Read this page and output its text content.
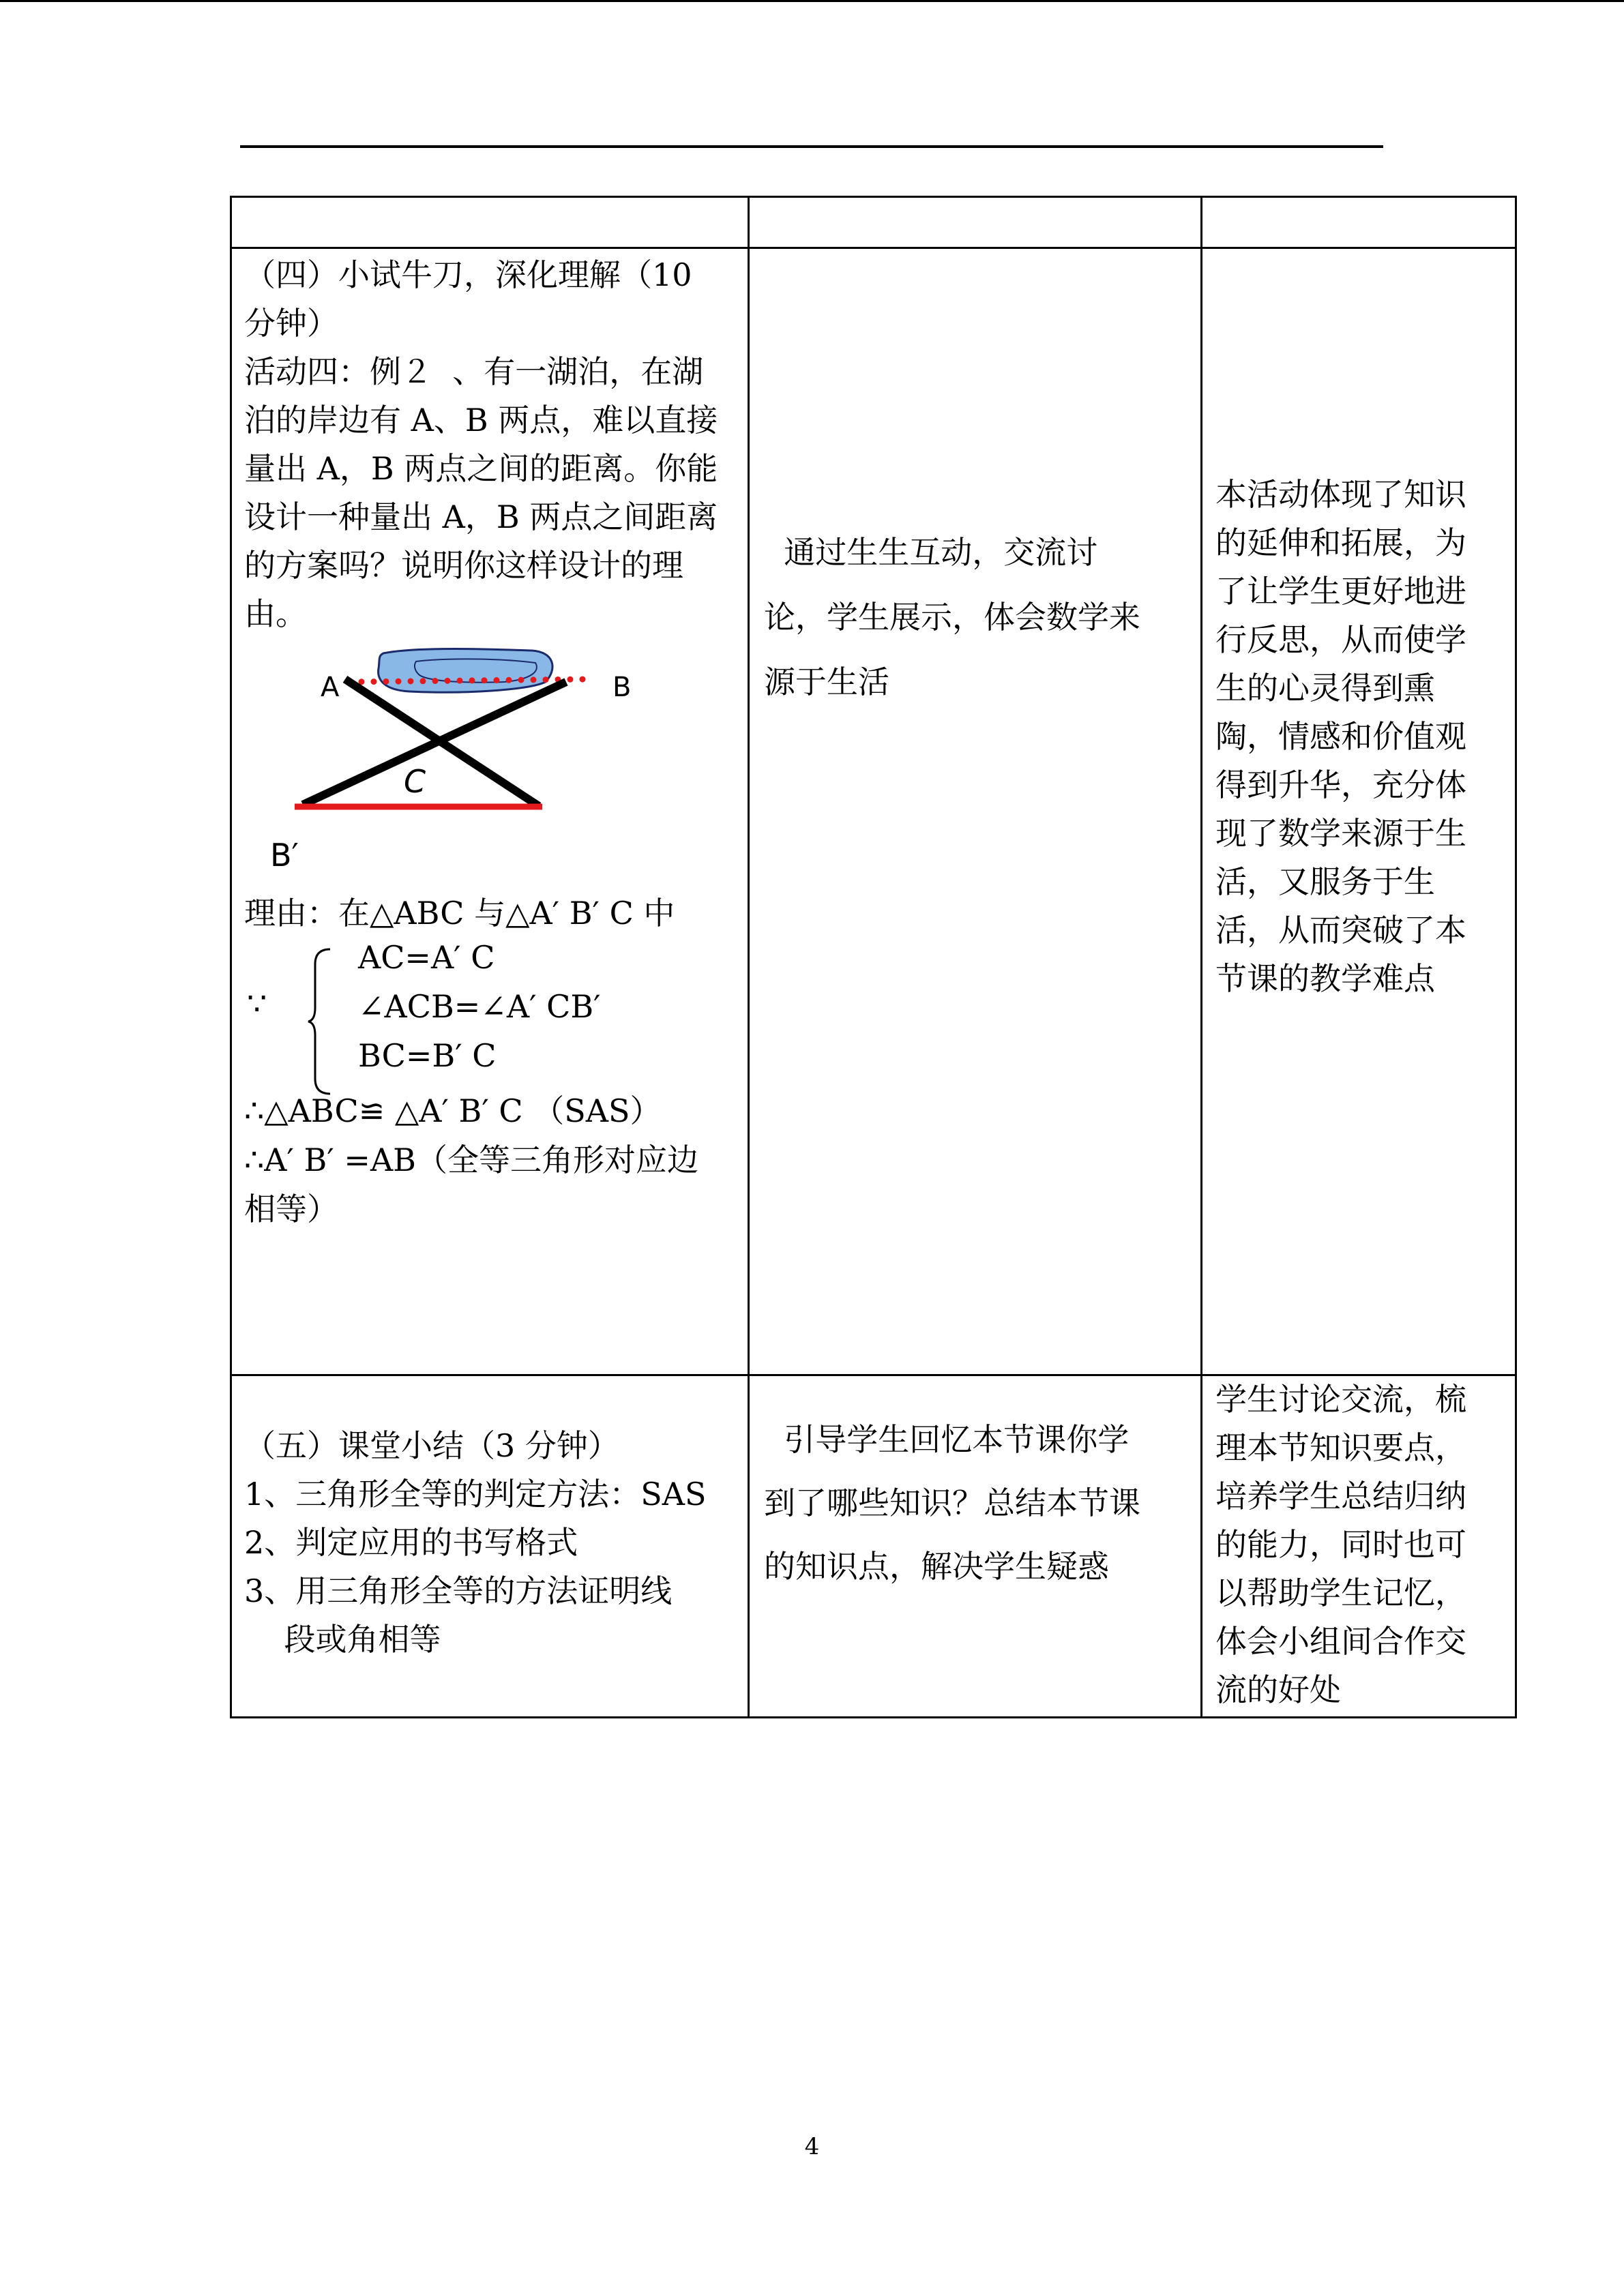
（四）小试牛刀，深化理解（10
分钟）
活动四：例２  、有一湖泊，在湖
泊的岸边有 A、B 两点，难以直接
量出 A，B 两点之间的距离。你能
设计一种量出 A，B 两点之间距离
的方案吗？说明你这样设计的理
由。
A	B
C
B′
理由：在△ABC 与△A′ B′ C 中
∵
AC=A′ C
∠ACB=∠A′ CB′
BC=B′ C
∴△ABC≌ △A′ B′ C （SAS）
∴A′ B′ =AB（全等三角形对应边
相等）
通过生生互动，交流讨
论，学生展示，体会数学来
源于生活
本活动体现了知识
的延伸和拓展，为
了让学生更好地进
行反思，从而使学
生的心灵得到熏
陶，情感和价值观
得到升华，充分体
现了数学来源于生
活，又服务于生
活，从而突破了本
节课的教学难点
（五）课堂小结（3 分钟）
1、三角形全等的判定方法：SAS
2、判定应用的书写格式
3、用三角形全等的方法证明线
段或角相等
引导学生回忆本节课你学
到了哪些知识？总结本节课
的知识点，解决学生疑惑
学生讨论交流，梳
理本节知识要点，
培养学生总结归纳
的能力，同时也可
以帮助学生记忆，
体会小组间合作交
流的好处
4
